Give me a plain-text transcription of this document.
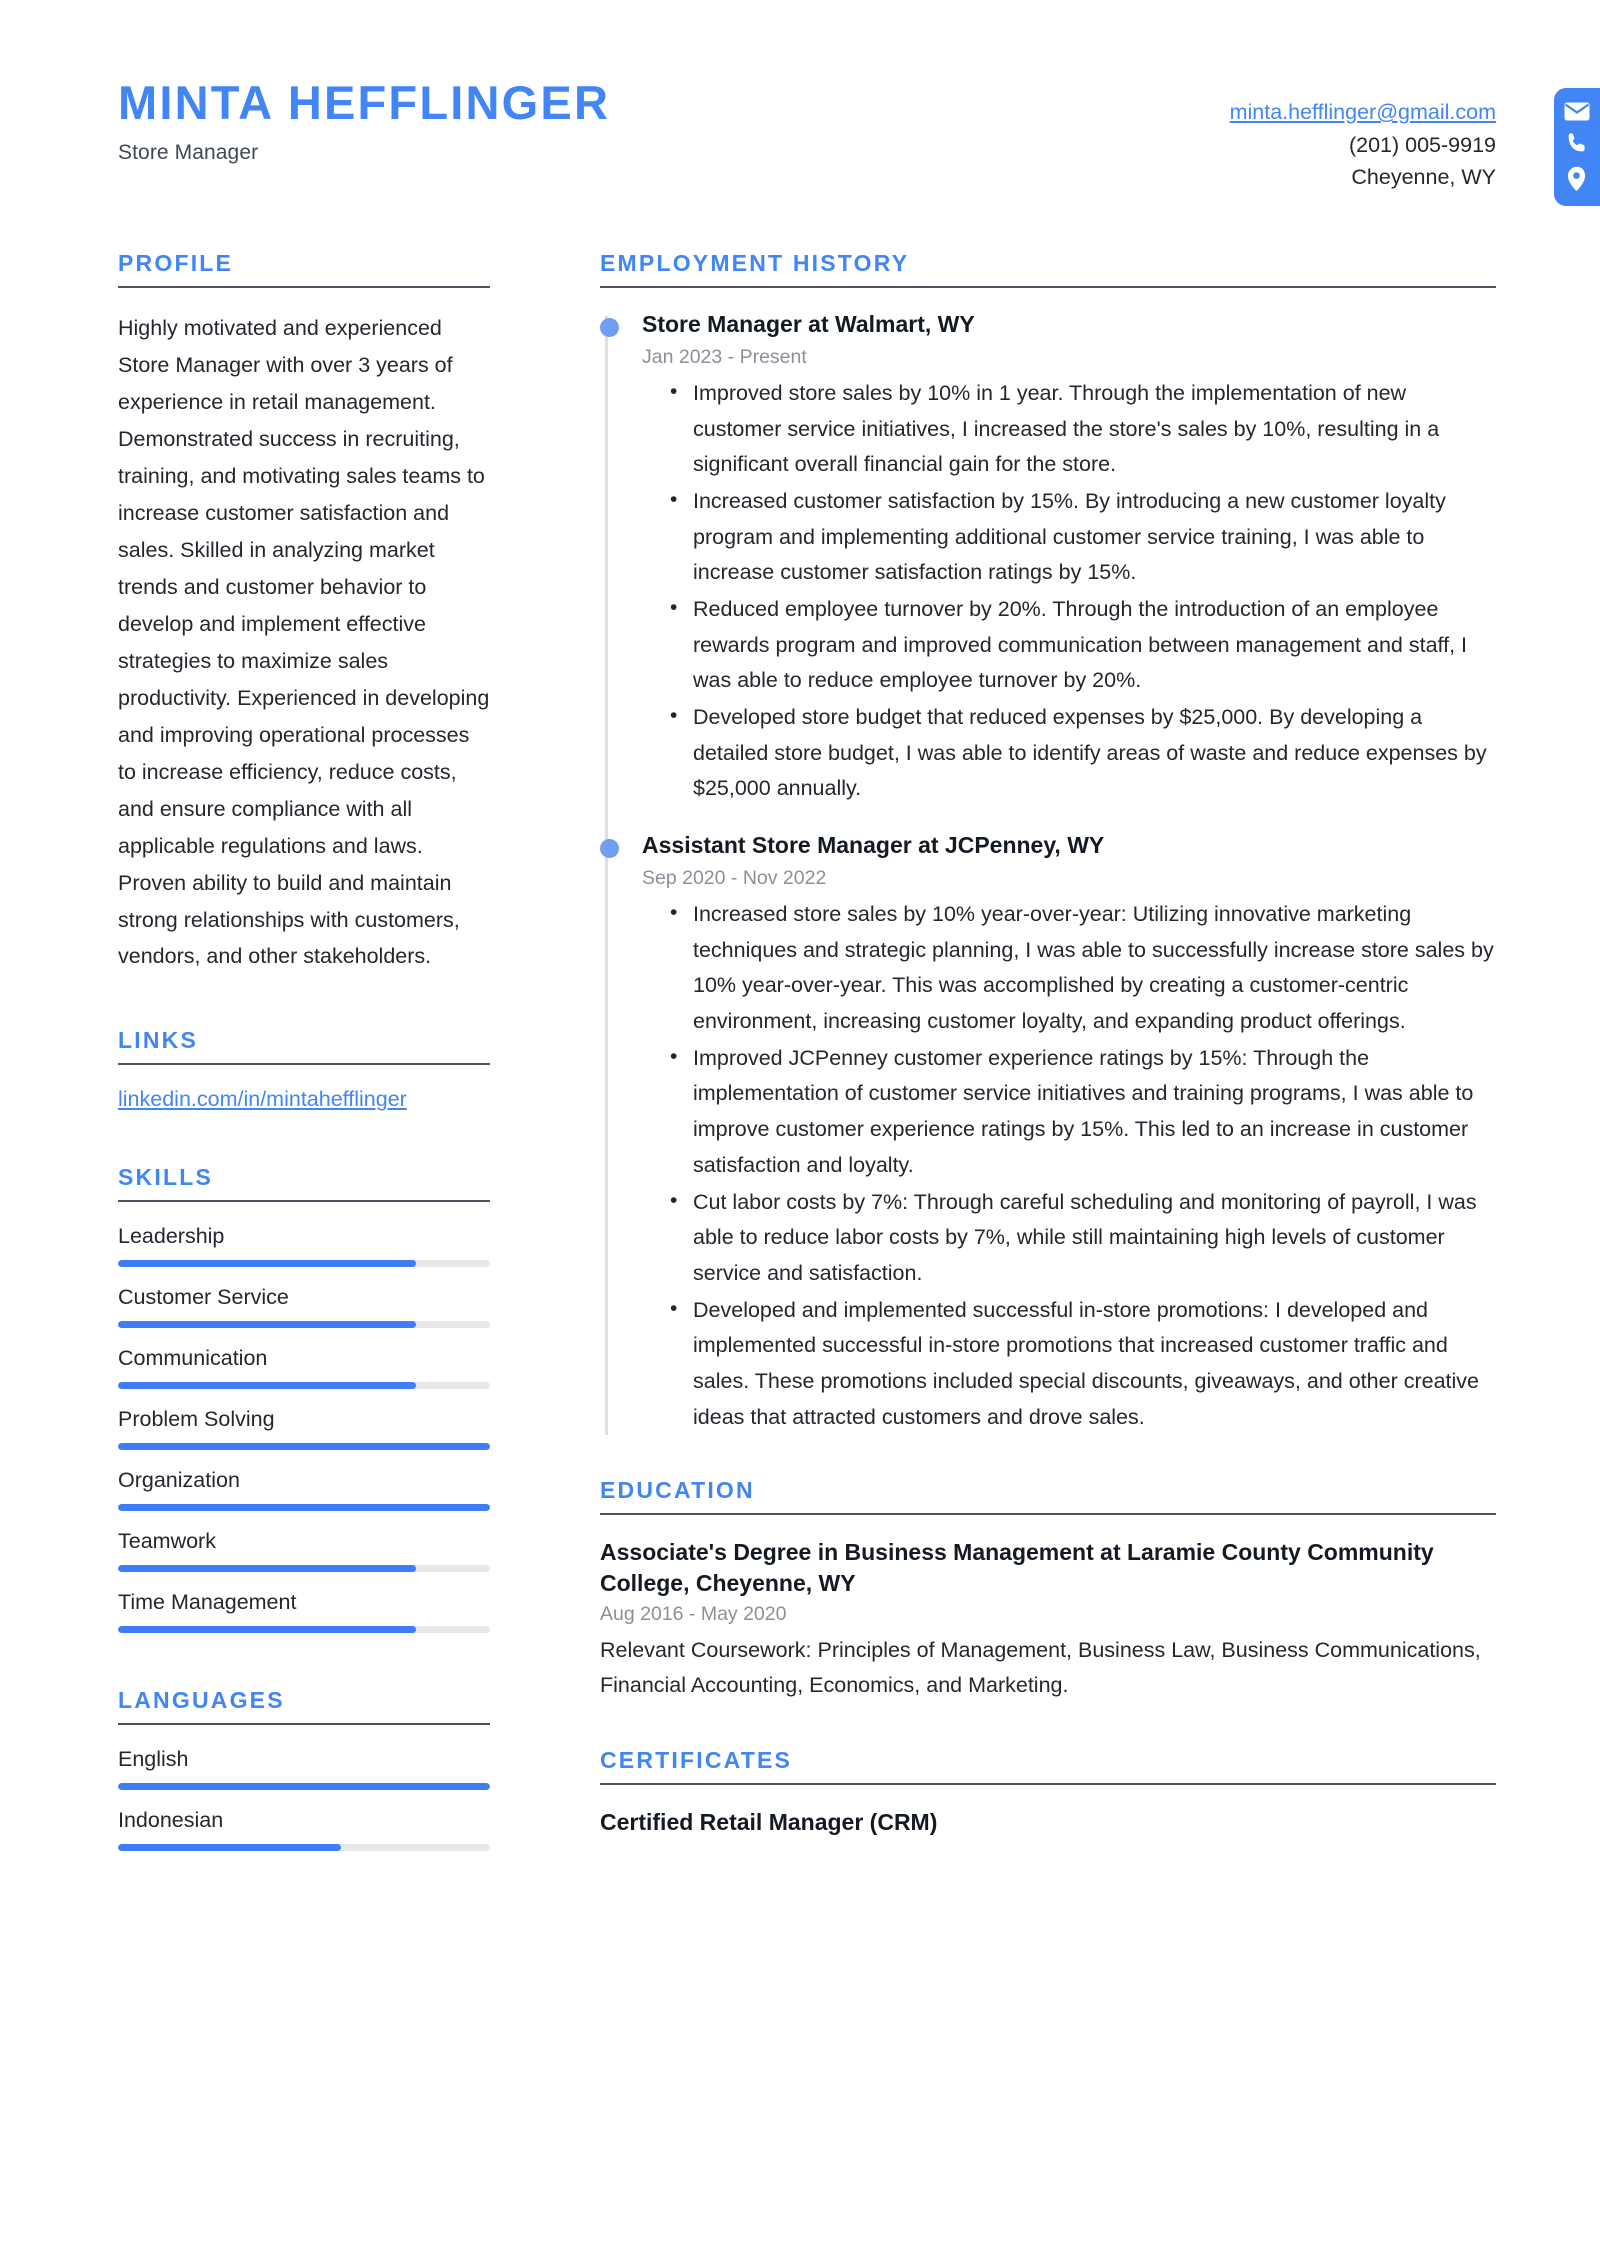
MINTA HEFFLINGER
Store Manager
minta.hefflinger@gmail.com
(201) 005-9919
Cheyenne, WY
PROFILE
Highly motivated and experienced Store Manager with over 3 years of experience in retail management. Demonstrated success in recruiting, training, and motivating sales teams to increase customer satisfaction and sales. Skilled in analyzing market trends and customer behavior to develop and implement effective strategies to maximize sales productivity. Experienced in developing and improving operational processes to increase efficiency, reduce costs, and ensure compliance with all applicable regulations and laws. Proven ability to build and maintain strong relationships with customers, vendors, and other stakeholders.
LINKS
linkedin.com/in/mintahefflinger
SKILLS
Leadership
Customer Service
Communication
Problem Solving
Organization
Teamwork
Time Management
LANGUAGES
English
Indonesian
EMPLOYMENT HISTORY
Store Manager at Walmart, WY
Jan 2023 - Present
• Improved store sales by 10% in 1 year. Through the implementation of new customer service initiatives, I increased the store's sales by 10%, resulting in a significant overall financial gain for the store.
• Increased customer satisfaction by 15%. By introducing a new customer loyalty program and implementing additional customer service training, I was able to increase customer satisfaction ratings by 15%.
• Reduced employee turnover by 20%. Through the introduction of an employee rewards program and improved communication between management and staff, I was able to reduce employee turnover by 20%.
• Developed store budget that reduced expenses by $25,000. By developing a detailed store budget, I was able to identify areas of waste and reduce expenses by $25,000 annually.
Assistant Store Manager at JCPenney, WY
Sep 2020 - Nov 2022
• Increased store sales by 10% year-over-year: Utilizing innovative marketing techniques and strategic planning, I was able to successfully increase store sales by 10% year-over-year. This was accomplished by creating a customer-centric environment, increasing customer loyalty, and expanding product offerings.
• Improved JCPenney customer experience ratings by 15%: Through the implementation of customer service initiatives and training programs, I was able to improve customer experience ratings by 15%. This led to an increase in customer satisfaction and loyalty.
• Cut labor costs by 7%: Through careful scheduling and monitoring of payroll, I was able to reduce labor costs by 7%, while still maintaining high levels of customer service and satisfaction.
• Developed and implemented successful in-store promotions: I developed and implemented successful in-store promotions that increased customer traffic and sales. These promotions included special discounts, giveaways, and other creative ideas that attracted customers and drove sales.
EDUCATION
Associate's Degree in Business Management at Laramie County Community College, Cheyenne, WY
Aug 2016 - May 2020
Relevant Coursework: Principles of Management, Business Law, Business Communications, Financial Accounting, Economics, and Marketing.
CERTIFICATES
Certified Retail Manager (CRM)
